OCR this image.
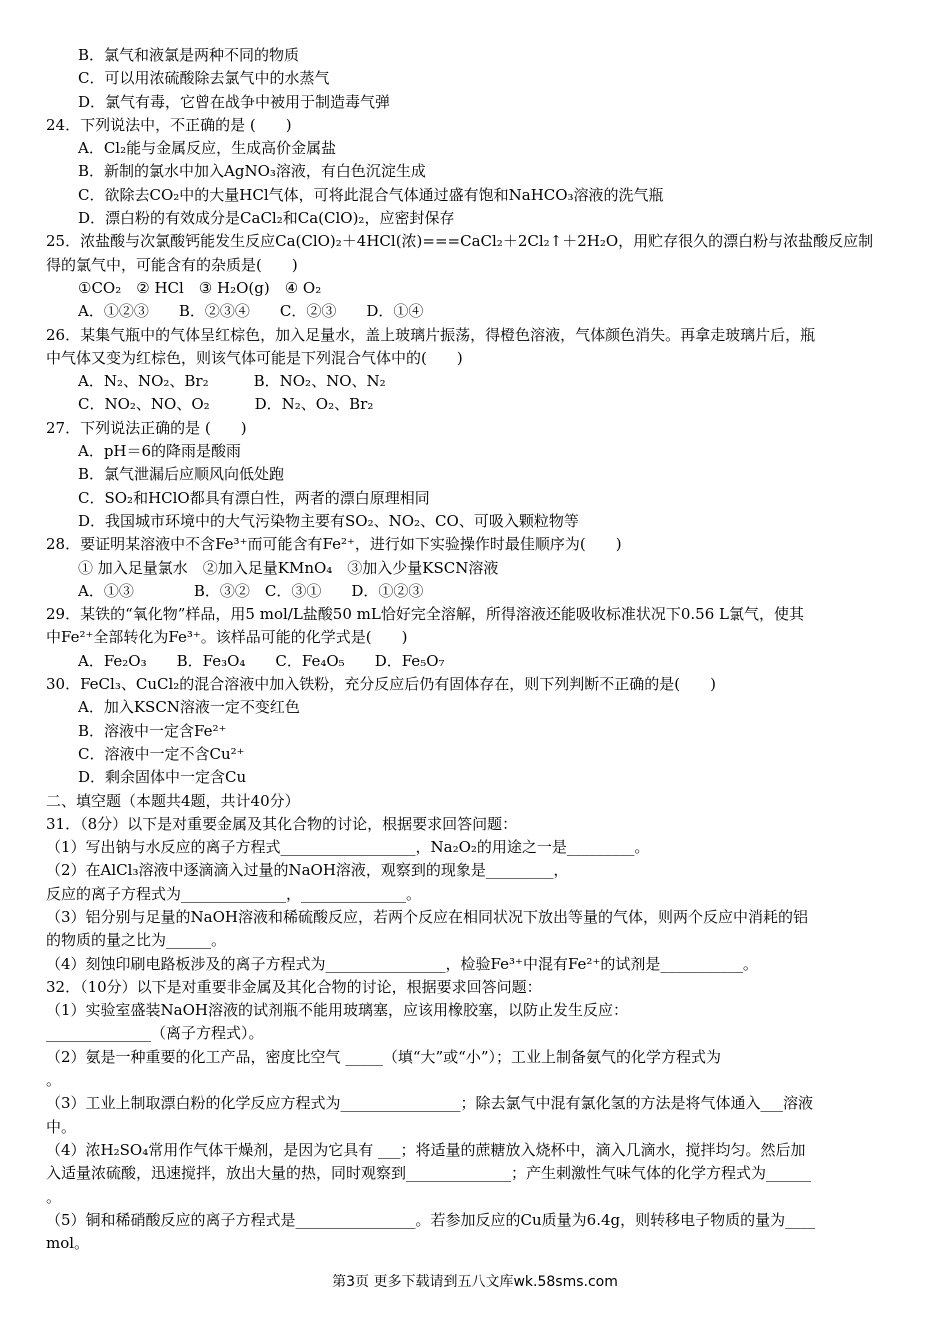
B．氯气和液氯是两种不同的物质
C．可以用浓硫酸除去氯气中的水蒸气
D．氯气有毒，它曾在战争中被用于制造毒气弹
24．下列说法中，不正确的是 (　　)
A．Cl₂能与金属反应，生成高价金属盐
B．新制的氯水中加入AgNO₃溶液，有白色沉淀生成
C．欲除去CO₂中的大量HCl气体，可将此混合气体通过盛有饱和NaHCO₃溶液的洗气瓶
D．漂白粉的有效成分是CaCl₂和Ca(ClO)₂，应密封保存
25．浓盐酸与次氯酸钙能发生反应Ca(ClO)₂＋4HCl(浓)===CaCl₂＋2Cl₂↑＋2H₂O，用贮存很久的漂白粉与浓盐酸反应制
得的氯气中，可能含有的杂质是(　　)
①CO₂　② HCl　③ H₂O(g)　④ O₂
A．①②③　　B．②③④　　C．②③　　D．①④
26．某集气瓶中的气体呈红棕色，加入足量水，盖上玻璃片振荡，得橙色溶液，气体颜色消失。再拿走玻璃片后，瓶
中气体又变为红棕色，则该气体可能是下列混合气体中的(　　)
A．N₂、NO₂、Br₂　　　B．NO₂、NO、N₂
C．NO₂、NO、O₂　　　D．N₂、O₂、Br₂
27．下列说法正确的是 (　　)
A．pH＝6的降雨是酸雨
B．氯气泄漏后应顺风向低处跑
C．SO₂和HClO都具有漂白性，两者的漂白原理相同
D．我国城市环境中的大气污染物主要有SO₂、NO₂、CO、可吸入颗粒物等
28．要证明某溶液中不含Fe³⁺而可能含有Fe²⁺，进行如下实验操作时最佳顺序为(　　)
① 加入足量氯水　②加入足量KMnO₄　③加入少量KSCN溶液
A．①③　　　　B．③②　C．③①　　D．①②③
29．某铁的“氧化物”样品，用5 mol/L盐酸50 mL恰好完全溶解，所得溶液还能吸收标准状况下0.56 L氯气，使其
中Fe²⁺全部转化为Fe³⁺。该样品可能的化学式是(　　)
A．Fe₂O₃　　B．Fe₃O₄　　C．Fe₄O₅　　D．Fe₅O₇
30．FeCl₃、CuCl₂的混合溶液中加入铁粉，充分反应后仍有固体存在，则下列判断不正确的是(　　)
A．加入KSCN溶液一定不变红色
B．溶液中一定含Fe²⁺
C．溶液中一定不含Cu²⁺
D．剩余固体中一定含Cu
二、填空题（本题共4题，共计40分）
31．（8分）以下是对重要金属及其化合物的讨论，根据要求回答问题：
（1）写出钠与水反应的离子方程式__________________，Na₂O₂的用途之一是_________。
（2）在AlCl₃溶液中逐滴滴入过量的NaOH溶液，观察到的现象是_________，
反应的离子方程式为______________，______________。
（3）铝分别与足量的NaOH溶液和稀硫酸反应，若两个反应在相同状况下放出等量的气体，则两个反应中消耗的铝
的物质的量之比为______。
（4）刻蚀印刷电路板涉及的离子方程式为________________，检验Fe³⁺中混有Fe²⁺的试剂是___________。
32．（10分）以下是对重要非金属及其化合物的讨论，根据要求回答问题：
（1）实验室盛装NaOH溶液的试剂瓶不能用玻璃塞，应该用橡胶塞，以防止发生反应：
______________（离子方程式）。
（2）氨是一种重要的化工产品，密度比空气 _____（填“大”或“小”）；工业上制备氨气的化学方程式为
。
（3）工业上制取漂白粉的化学反应方程式为________________；除去氯气中混有氯化氢的方法是将气体通入___溶液
中。
（4）浓H₂SO₄常用作气体干燥剂，是因为它具有 ___；将适量的蔗糖放入烧杯中，滴入几滴水，搅拌均匀。然后加
入适量浓硫酸，迅速搅拌，放出大量的热，同时观察到______________；产生刺激性气味气体的化学方程式为______
。
（5）铜和稀硝酸反应的离子方程式是________________。若参加反应的Cu质量为6.4g，则转移电子物质的量为____
mol。
第3页 更多下载请到五八文库wk.58sms.com
